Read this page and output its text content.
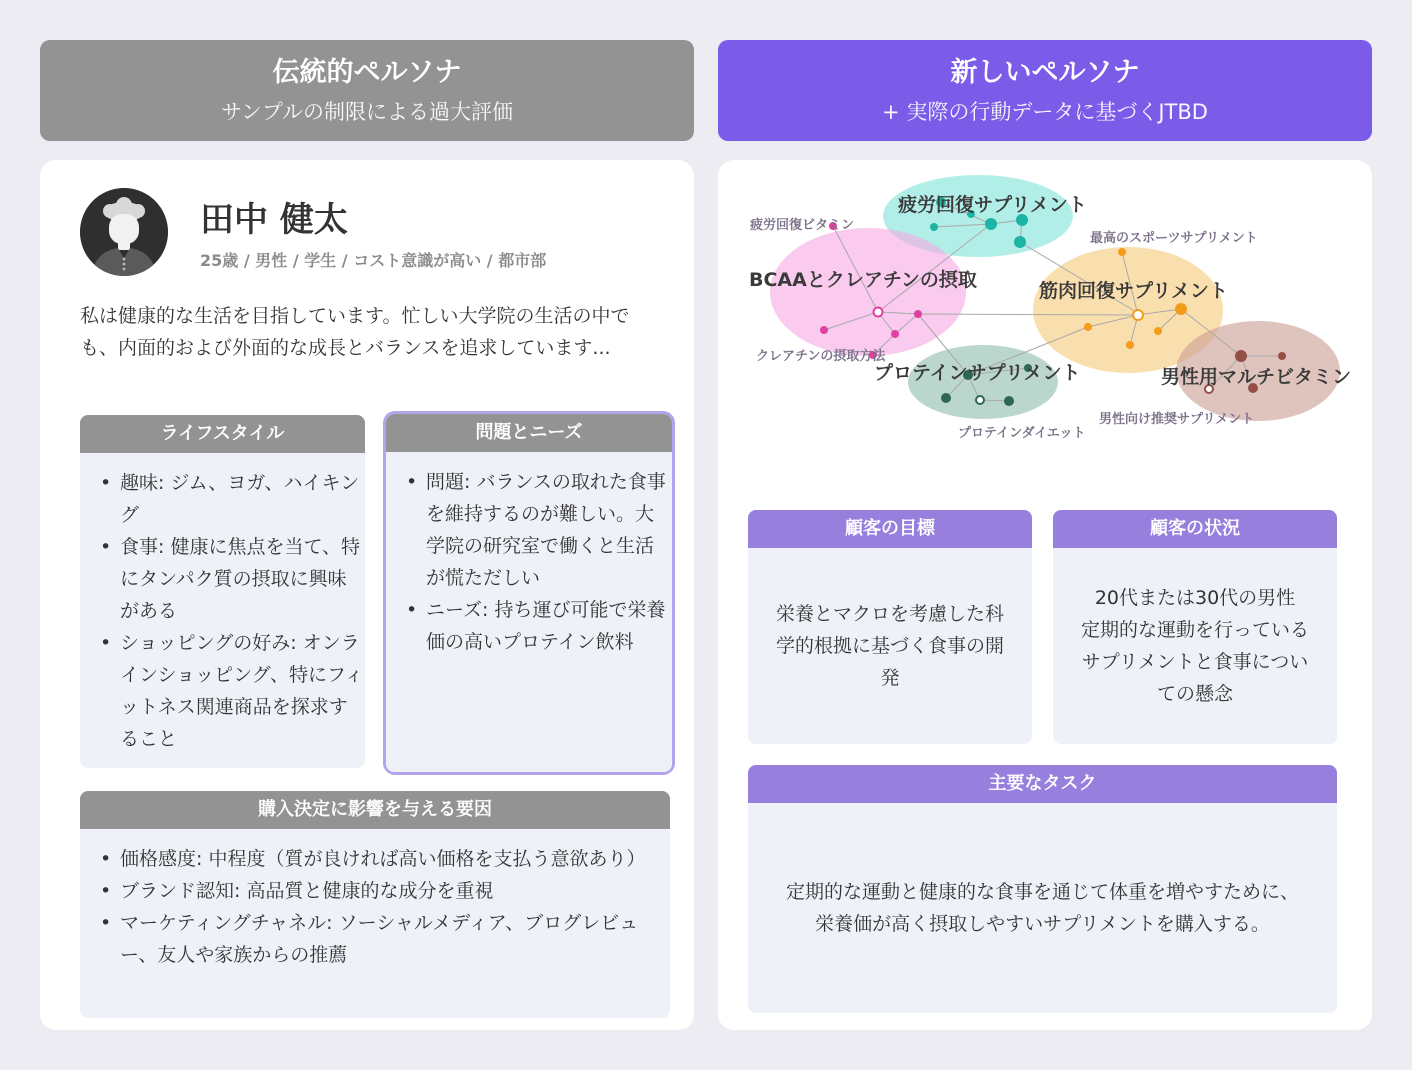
伝統的ペルソナ
サンプルの制限による過大評価
新しいペルソナ
+ 実際の行動データに基づくJTBD
田中 健太
25歳 / 男性 / 学生 / コスト意識が高い / 都市部
私は健康的な生活を目指しています。忙しい大学院の生活の中でも、内面的および外面的な成長とバランスを追求しています...
ライフスタイル
• 趣味: ジム、ヨガ、ハイキング
• 食事: 健康に焦点を当て、特にタンパク質の摂取に興味がある
• ショッピングの好み: オンラインショッピング、特にフィットネス関連商品を探求すること
問題とニーズ
• 問題: バランスの取れた食事を維持するのが難しい。大学院の研究室で働くと生活が慌ただしい
• ニーズ: 持ち運び可能で栄養価の高いプロテイン飲料
購入決定に影響を与える要因
• 価格感度: 中程度（質が良ければ高い価格を支払う意欲あり）
• ブランド認知: 高品質と健康的な成分を重視
• マーケティングチャネル: ソーシャルメディア、ブログレビュー、友人や家族からの推薦
疲労回復サプリメント
BCAAとクレアチンの摂取	筋肉回復サプリメント
プロテインサプリメント	男性用マルチビタミン
疲労回復ビタミン
最高のスポーツサプリメント
クレアチンの摂取方法
男性向け推奨サプリメント
プロテインダイエット
顧客の目標
栄養とマクロを考慮した科学的根拠に基づく食事の開発
顧客の状況
20代または30代の男性
定期的な運動を行っている
サプリメントと食事についての懸念
主要なタスク
定期的な運動と健康的な食事を通じて体重を増やすために、栄養価が高く摂取しやすいサプリメントを購入する。
